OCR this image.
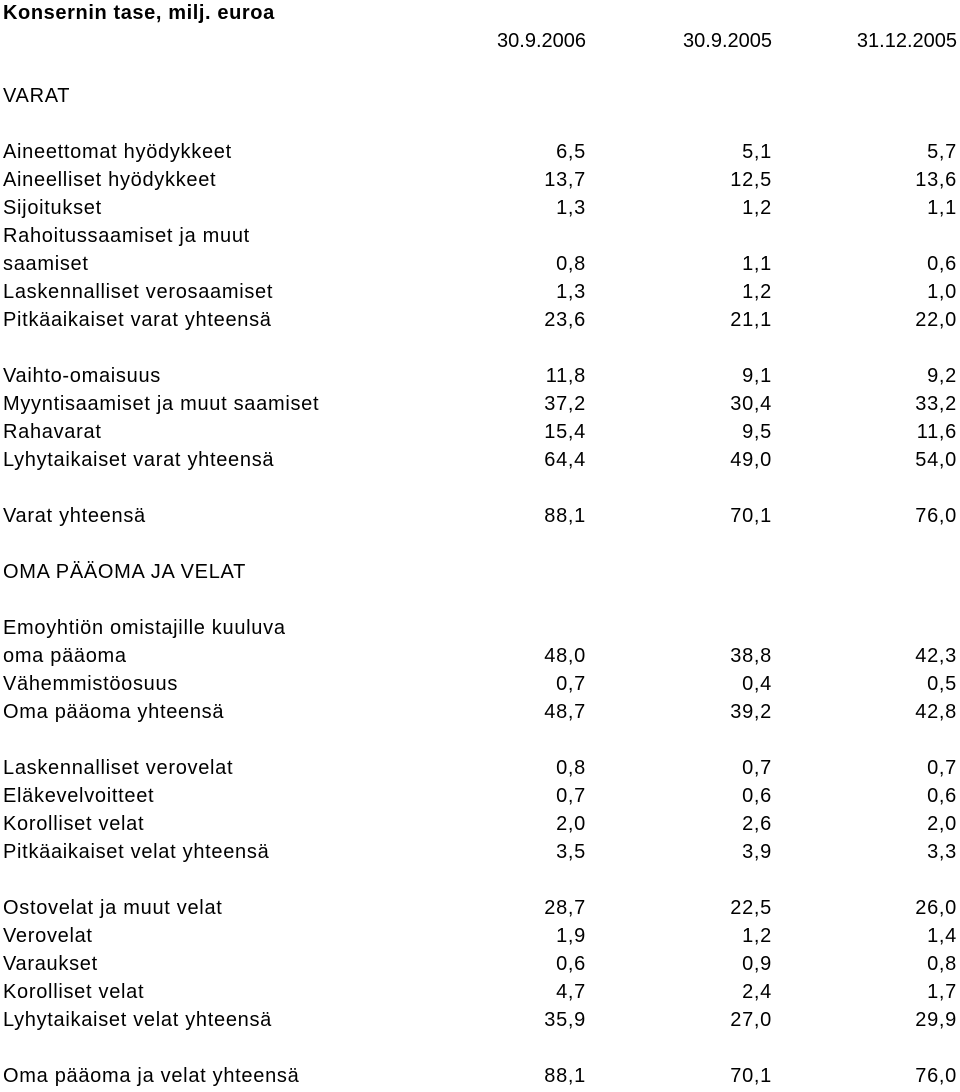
Konsernin tase, milj. euroa
30.9.2006	30.9.2005	31.12.2005
VARAT
Aineettomat hyödykkeet	6,5	5,1	5,7
Aineelliset hyödykkeet	13,7	12,5	13,6
Sijoitukset	1,3	1,2	1,1
Rahoitussaamiset ja muut
saamiset	0,8	1,1	0,6
Laskennalliset verosaamiset	1,3	1,2	1,0
Pitkäaikaiset varat yhteensä	23,6	21,1	22,0
Vaihto-omaisuus	11,8	9,1	9,2
Myyntisaamiset ja muut saamiset	37,2	30,4	33,2
Rahavarat	15,4	9,5	11,6
Lyhytaikaiset varat yhteensä	64,4	49,0	54,0
Varat yhteensä	88,1	70,1	76,0
OMA PÄÄOMA JA VELAT
Emoyhtiön omistajille kuuluva
oma pääoma	48,0	38,8	42,3
Vähemmistöosuus	0,7	0,4	0,5
Oma pääoma yhteensä	48,7	39,2	42,8
Laskennalliset verovelat	0,8	0,7	0,7
Eläkevelvoitteet	0,7	0,6	0,6
Korolliset velat	2,0	2,6	2,0
Pitkäaikaiset velat yhteensä	3,5	3,9	3,3
Ostovelat ja muut velat	28,7	22,5	26,0
Verovelat	1,9	1,2	1,4
Varaukset	0,6	0,9	0,8
Korolliset velat	4,7	2,4	1,7
Lyhytaikaiset velat yhteensä	35,9	27,0	29,9
Oma pääoma ja velat yhteensä	88,1	70,1	76,0
